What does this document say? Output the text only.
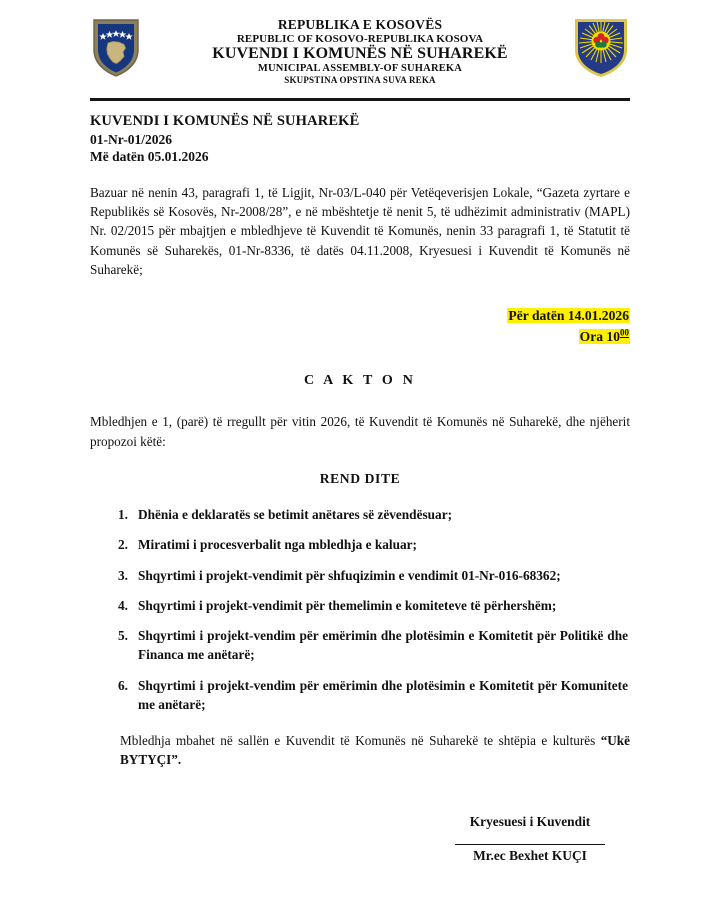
REPUBLIKA E KOSOVËS
REPUBLIC OF KOSOVO-REPUBLIKA KOSOVA
KUVENDI I KOMUNËS NË SUHAREKË
MUNICIPAL ASSEMBLY-OF SUHAREKA
SKUPSTINA OPSTINA SUVA REKA
KUVENDI I KOMUNËS NË SUHAREKË
01-Nr-01/2026
Më datën 05.01.2026

Bazuar në nenin 43, paragrafi 1, të Ligjit, Nr-03/L-040 për Vetëqeverisjen Lokale, “Gazeta zyrtare e Republikës së Kosovës, Nr-2008/28”, e në mbështetje të nenit 5, të udhëzimit administrativ (MAPL) Nr. 02/2015 për mbajtjen e mbledhjeve të Kuvendit të Komunës, nenin 33 paragrafi 1, të Statutit të Komunës së Suharekës, 01-Nr-8336, të datës 04.11.2008, Kryesuesi i Kuvendit të Komunës në Suharekë;

Për datën 14.01.2026
Ora $10^{00}$
C A K T O N

Mbledhjen e 1, (parë) të rregullt për vitin 2026, të Kuvendit të Komunës në Suharekë, dhe njëherit propozoi këtë:

REND DITE
1. Dhënia e deklaratës se betimit anëtares së zëvendësuar;
2. Miratimi i procesverbalit nga mbledhja e kaluar;
3. Shqyrtimi i projekt-vendimit për shfuqizimin e vendimit 01-Nr-016-68362;
4. Shqyrtimi i projekt-vendimit për themelimin e komiteteve të përhershëm;
5. Shqyrtimi i projekt-vendim për emërimin dhe plotësimin e Komitetit për Politikë dhe Financa me anëtarë;
6. Shqyrtimi i projekt-vendim për emërimin dhe plotësimin e Komitetit për Komunitete me anëtarë;

Mbledhja mbahet në sallën e Kuvendit të Komunës në Suharekë te shtëpia e kulturës “Ukë BYTYÇI”.

Kryesuesi i Kuvendit
Mr.ec Bexhet KUÇI
